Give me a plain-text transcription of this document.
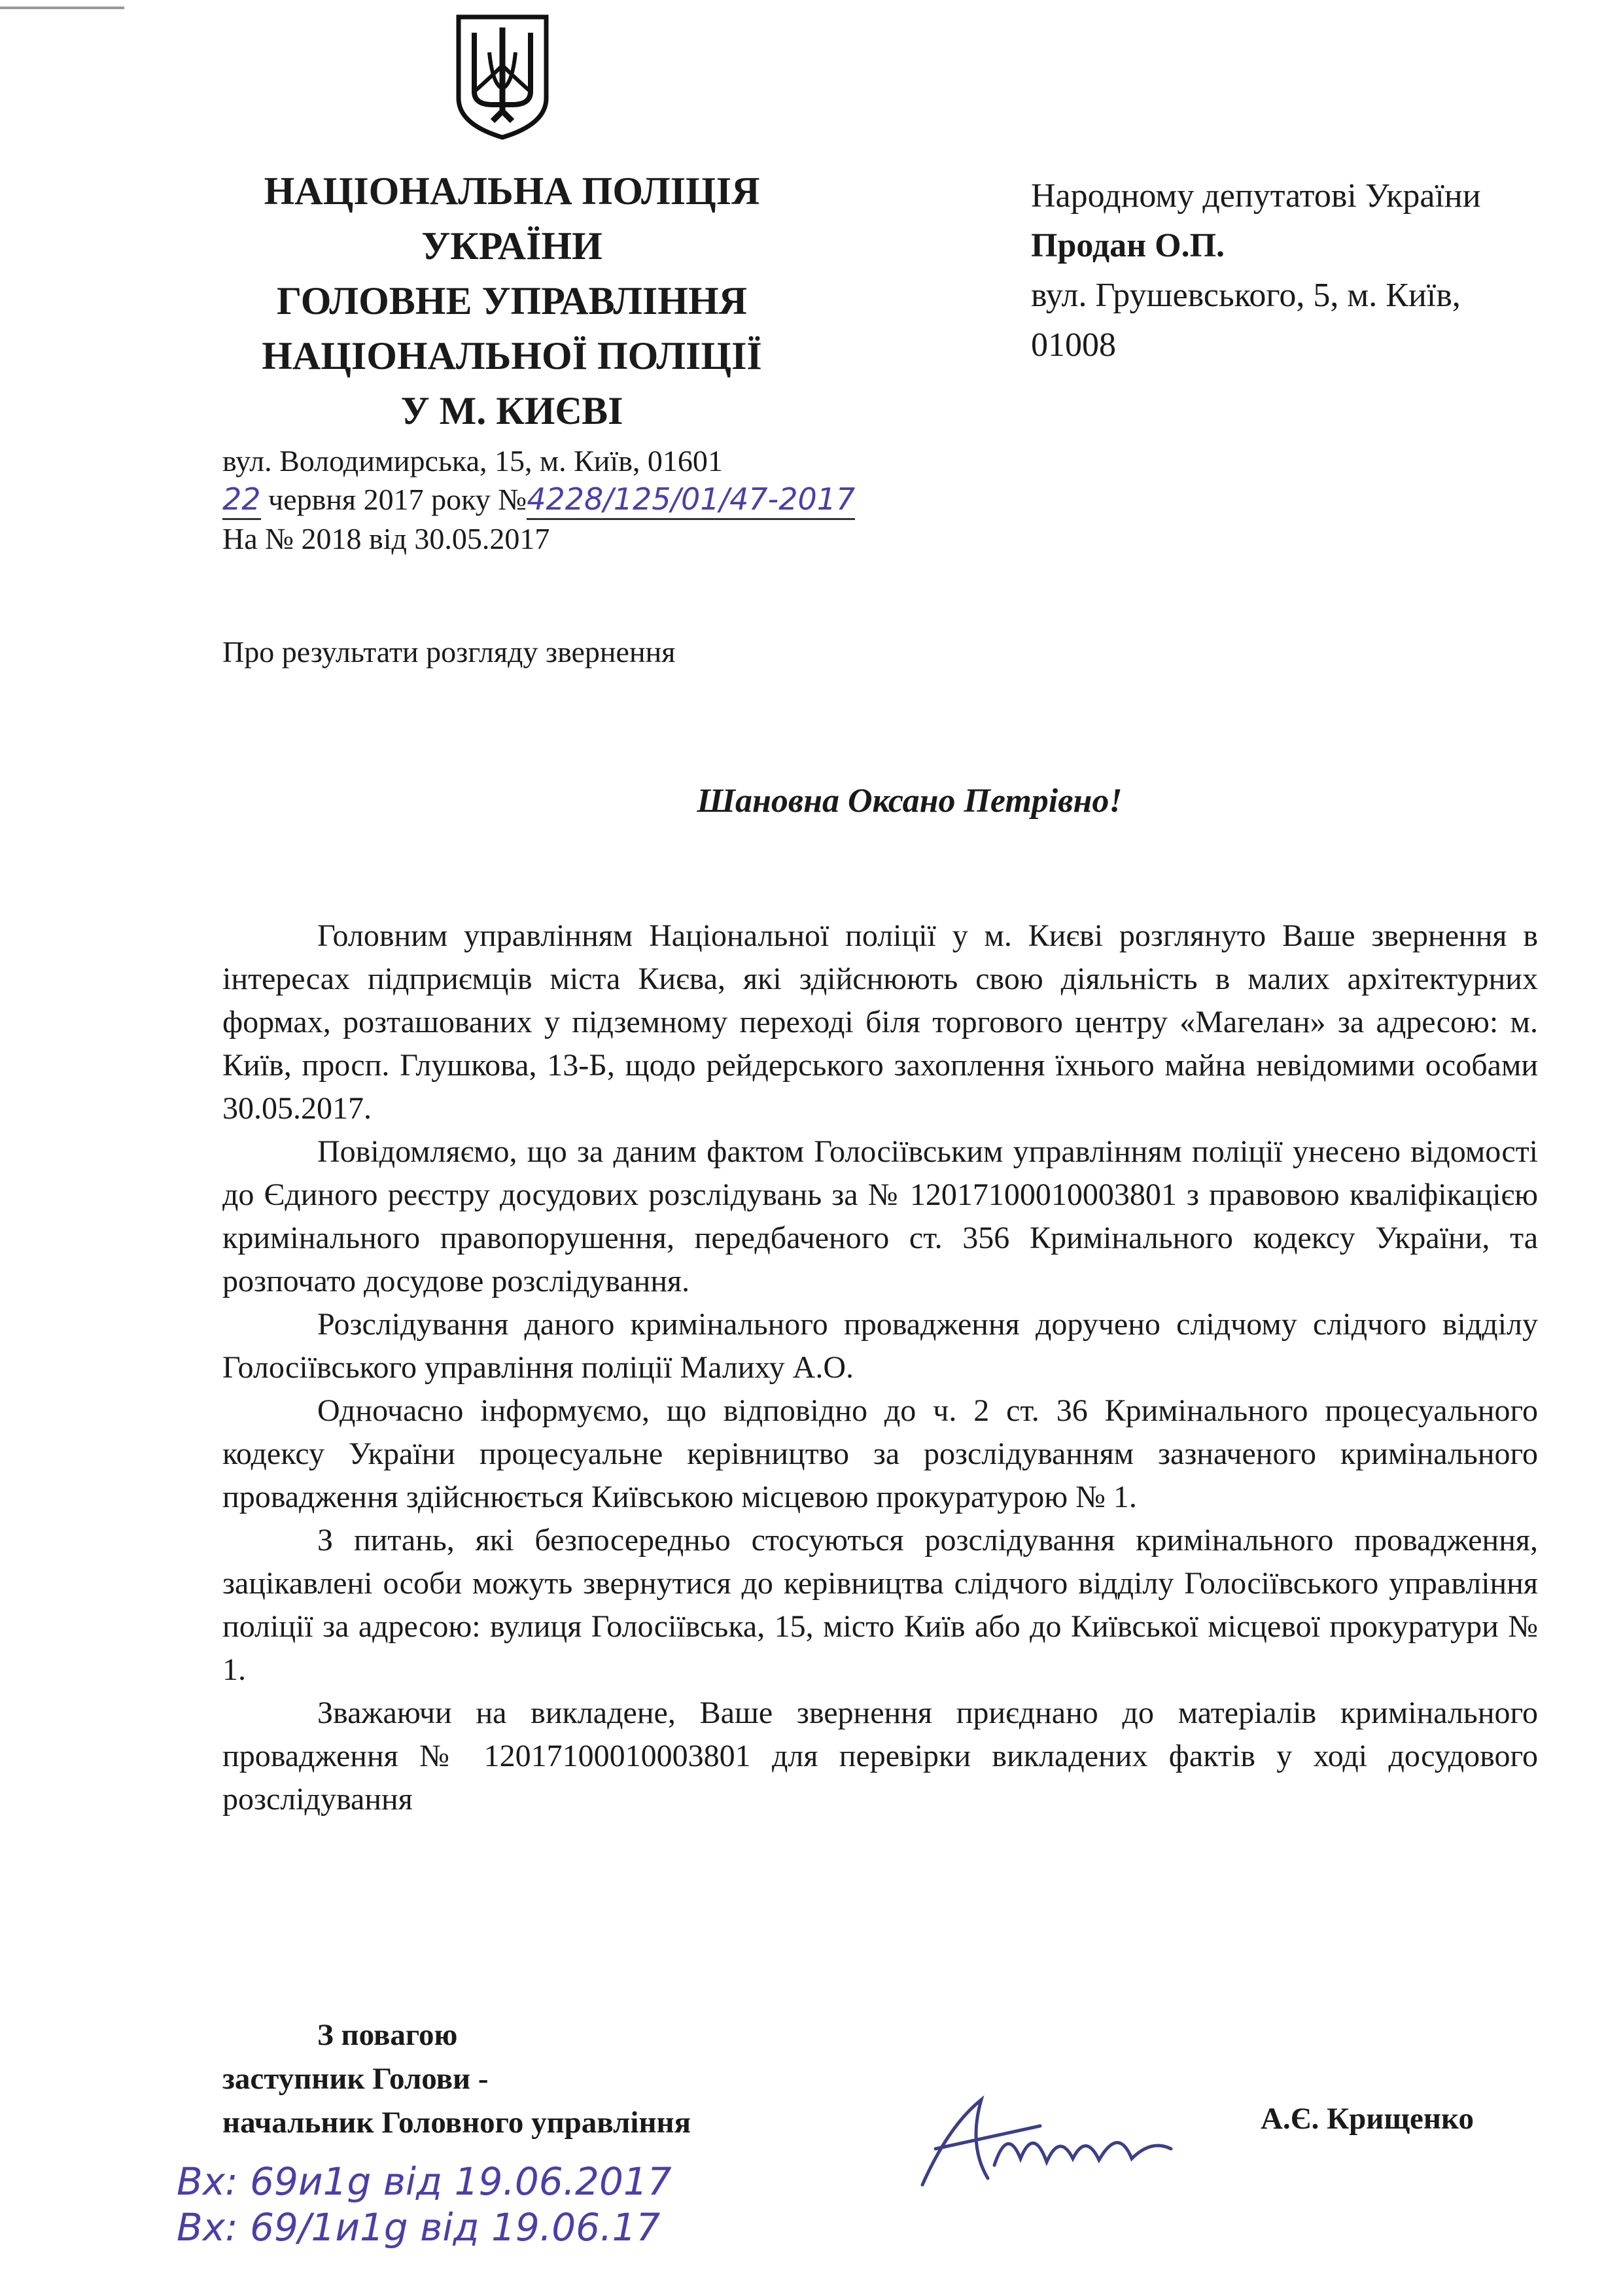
НАЦІОНАЛЬНА ПОЛІЦІЯ
УКРАЇНИ
ГОЛОВНЕ УПРАВЛІННЯ
НАЦІОНАЛЬНОЇ ПОЛІЦІЇ
У М. КИЄВІ
Народному депутатові України
Продан О.П.
вул. Грушевського, 5, м. Київ,
01008
вул. Володимирська, 15, м. Київ, 01601
22 червня 2017 року №4228/125/01/47-2017
На № 2018 від 30.05.2017
Про результати розгляду звернення
Шановна Оксано Петрівно!

Головним управлінням Національної поліції у м. Києві розглянуто Ваше звернення в інтересах підприємців міста Києва, які здійснюють свою діяльність в малих архітектурних формах, розташованих у підземному переході біля торгового центру «Магелан» за адресою: м. Київ, просп. Глушкова, 13-Б, щодо рейдерського захоплення їхнього майна невідомими особами 30.05.2017.

Повідомляємо, що за даним фактом Голосіївським управлінням поліції унесено відомості до Єдиного реєстру досудових розслідувань за № 12017100010003801 з правовою кваліфікацією кримінального правопорушення, передбаченого ст. 356 Кримінального кодексу України, та розпочато досудове розслідування.

Розслідування даного кримінального провадження доручено слідчому слідчого відділу Голосіївського управління поліції Малиху А.О.

Одночасно інформуємо, що відповідно до ч. 2 ст. 36 Кримінального процесуального кодексу України процесуальне керівництво за розслідуванням зазначеного кримінального провадження здійснюється Київською місцевою прокуратурою № 1.

З питань, які безпосередньо стосуються розслідування кримінального провадження, зацікавлені особи можуть звернутися до керівництва слідчого відділу Голосіївського управління поліції за адресою: вулиця Голосіївська, 15, місто Київ або до Київської місцевої прокуратури № 1.

Зважаючи на викладене, Ваше звернення приєднано до матеріалів кримінального провадження № 12017100010003801 для перевірки викладених фактів у ході досудового розслідування

З повагою
заступник Голови -
начальник Головного управління	А.Є. Крищенко
Вх: 69и1g від 19.06.2017
Вх: 69/1и1g від 19.06.17
